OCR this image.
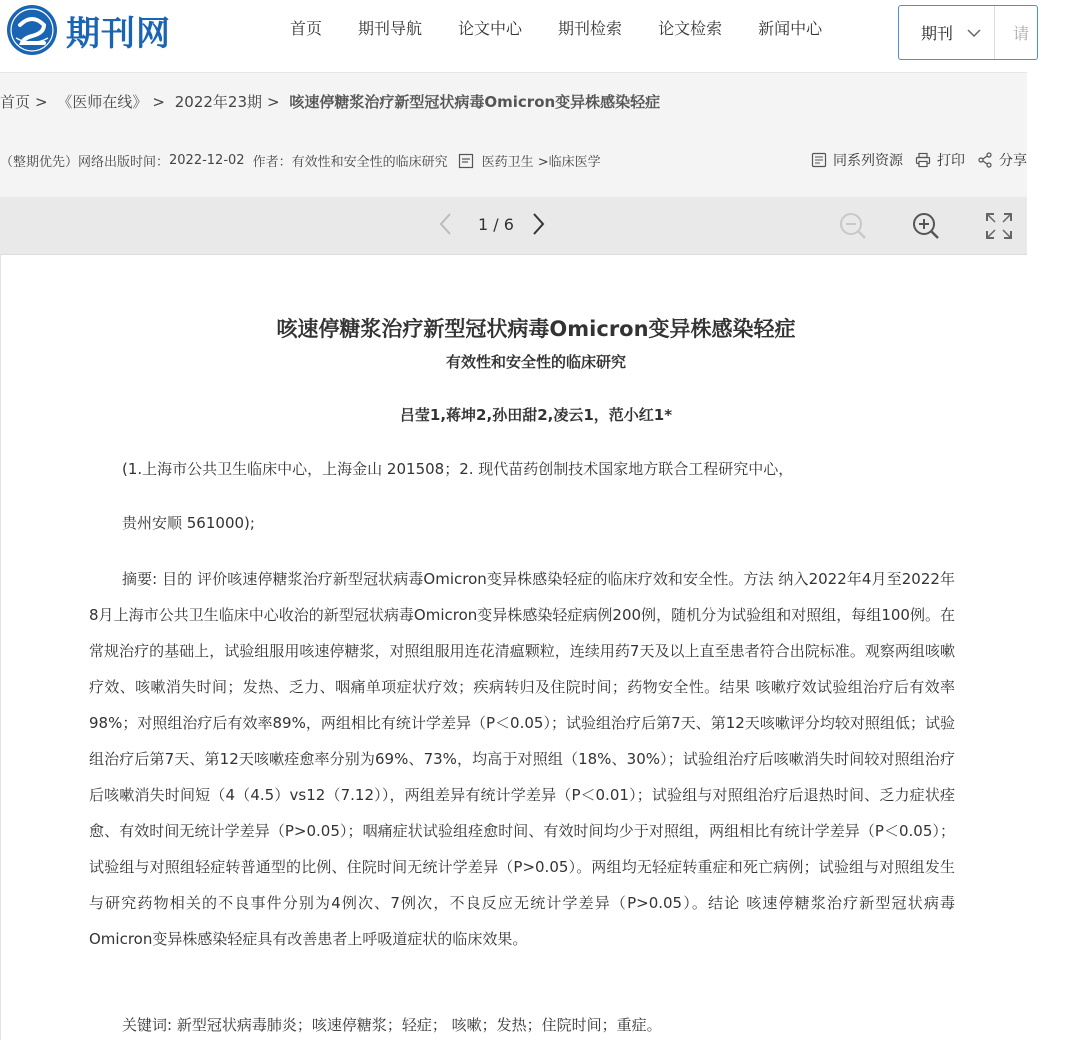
期刊网	首页	期刊导航	论文中心	期刊检索	论文检索	新闻中心	期刊	请
首页 > 《医师在线》 > 2022年23期 > 咳速停糖浆治疗新型冠状病毒Omicron变异株感染轻症
（整期优先）网络出版时间： 2022-12-02 作者： 有效性和安全性的临床研究	医药卫生 >临床医学	同系列资源 打印 分享
1 / 6
咳速停糖浆治疗新型冠状病毒Omicron变异株感染轻症
有效性和安全性的临床研究
吕莹1,蒋坤2,孙田甜2,凌云1，范小红1*
(1.上海市公共卫生临床中心，上海金山 201508；2. 现代苗药创制技术国家地方联合工程研究中心，
贵州安顺 561000);
摘要: 目的 评价咳速停糖浆治疗新型冠状病毒Omicron变异株感染轻症的临床疗效和安全性。方法 纳入2022年4月至2022年8月上海市公共卫生临床中心收治的新型冠状病毒Omicron变异株感染轻症病例200例，随机分为试验组和对照组，每组100例。在常规治疗的基础上，试验组服用咳速停糖浆，对照组服用连花清瘟颗粒，连续用药7天及以上直至患者符合出院标准。观察两组咳嗽疗效、咳嗽消失时间；发热、乏力、咽痛单项症状疗效；疾病转归及住院时间；药物安全性。结果 咳嗽疗效试验组治疗后有效率98%；对照组治疗后有效率89%，两组相比有统计学差异（P＜0.05）；试验组治疗后第7天、第12天咳嗽评分均较对照组低；试验组治疗后第7天、第12天咳嗽痊愈率分别为69%、73%，均高于对照组（18%、30%）；试验组治疗后咳嗽消失时间较对照组治疗后咳嗽消失时间短（4（4.5）vs12（7.12）），两组差异有统计学差异（P＜0.01）；试验组与对照组治疗后退热时间、乏力症状痊愈、有效时间无统计学差异（P>0.05）；咽痛症状试验组痊愈时间、有效时间均少于对照组，两组相比有统计学差异（P＜0.05）；试验组与对照组轻症转普通型的比例、住院时间无统计学差异（P>0.05）。两组均无轻症转重症和死亡病例；试验组与对照组发生与研究药物相关的不良事件分别为4例次、7例次，不良反应无统计学差异（P>0.05）。结论 咳速停糖浆治疗新型冠状病毒Omicron变异株感染轻症具有改善患者上呼吸道症状的临床效果。
关键词: 新型冠状病毒肺炎；咳速停糖浆；轻症； 咳嗽；发热；住院时间；重症。
